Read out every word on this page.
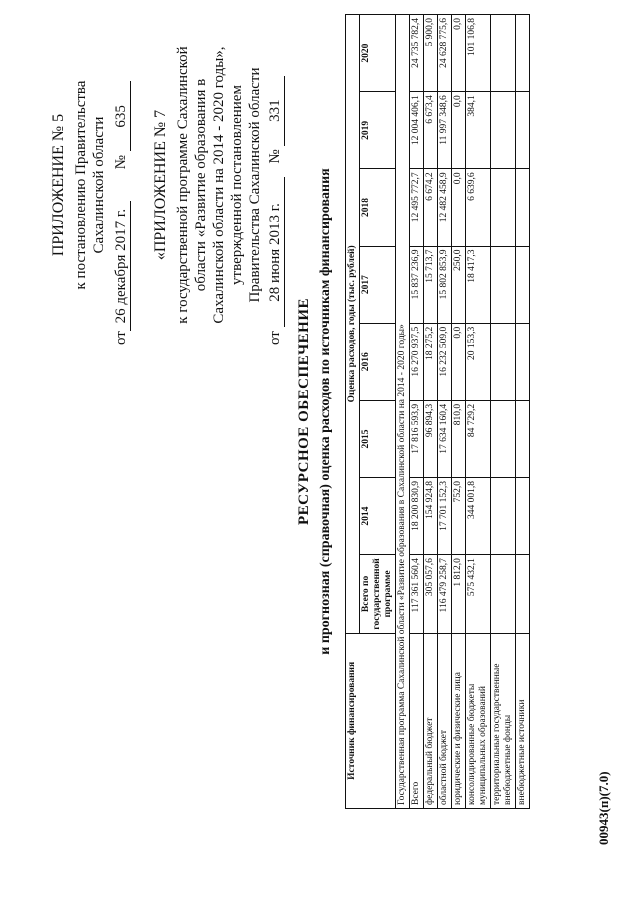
ПРИЛОЖЕНИЕ № 5 к постановлению Правительства Сахалинской области
от26 декабря 2017 г. № 635 «ПРИЛОЖЕНИЕ № 7 к государственной программе Сахалинской области «Развитие образования в Сахалинской области на 2014 - 2020 годы», утвержденной постановлением Правительства Сахалинской области
от 28 июня 2013 г. № 331
РЕСУРСНОЕ ОБЕСПЕЧЕНИЕ и прогнозная (справочная) оценка расходов по источникам финансирования
Источник финансирования	Оценка расходов, годы (тыс. рублей)							
	Всего по государственной программе	2014	2015	2016	2017	2018	2019	2020
Государственная программа Сахалинской области «Развитие образования в Сахалинской области на 2014 - 2020 годы»								
Всего	117 361 560,4	18 200 830,9	17 816 593,9	16 270 937,5	15 837 236,9	12 495 772,7	12 004 406,1	24 735 782,4
федеральный бюджет	305 057,6	154 924,8	96 894,3	18 275,2	15 713,7	6 674,2	6 673,4	5 900,0
областной бюджет	116 479 258,7	17 701 152,3	17 634 160,4	16 232 509,0	15 802 853,9	12 482 458,9	11 997 348,6	24 628 775,6
юридические и физические лица	1 812,0	752,0	810,0	0,0	250,0	0,0	0,0	0,0
консолидированные бюджеты муниципальных образований	575 432,1	344 001,8	84 729,2	20 153,3	18 417,3	6 639,6	384,1	101 106,8
территориальные государственные внебюджетные фонды								
внебюджетные источники								
00943(п)(7.0)
